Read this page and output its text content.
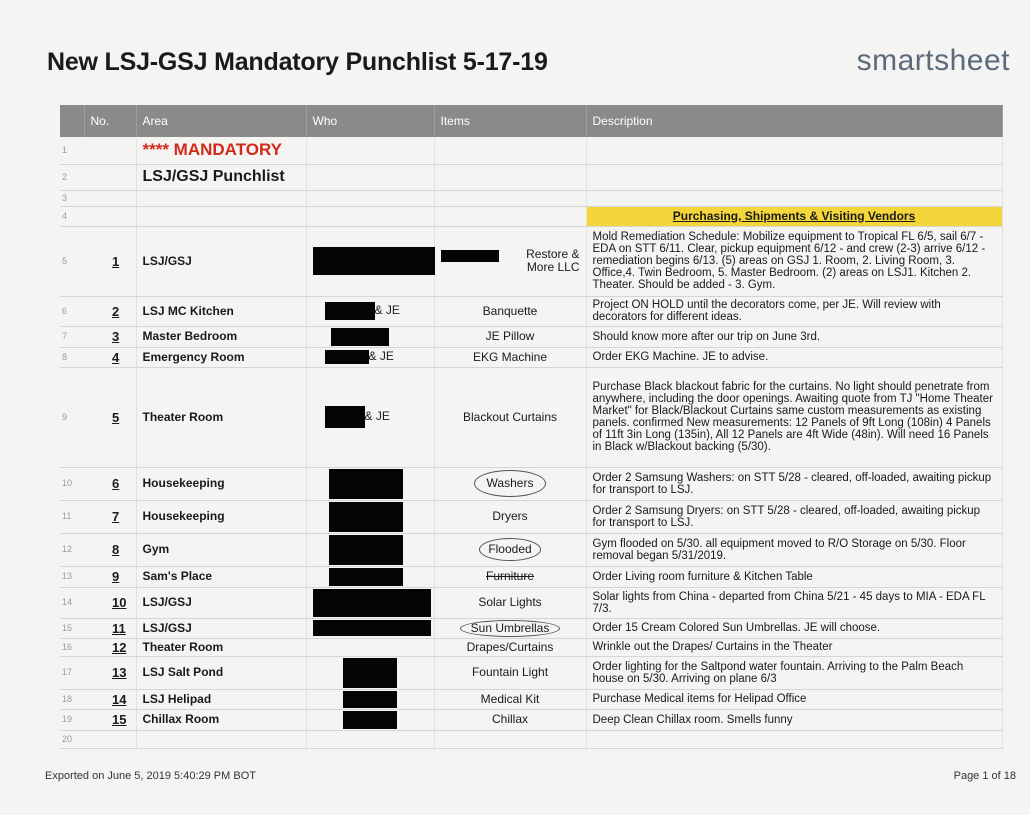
New LSJ-GSJ Mandatory Punchlist 5-17-19	smartsheet
	No.	Area	Who	Items	Description
1		**** MANDATORY			
2		LSJ/GSJ Punchlist			
3					
4					Purchasing, Shipments & Visiting Vendors
5	1	LSJ/GSJ		Restore & More LLC	Mold Remediation Schedule: Mobilize equipment to Tropical FL 6/5, sail 6/7 - EDA on STT 6/11. Clear, pickup equipment 6/12 - and crew (2-3) arrive 6/12 - remediation begins 6/13. (5) areas on GSJ 1. Room, 2. Living Room, 3. Office,4. Twin Bedroom, 5. Master Bedroom. (2) areas on LSJ1. Kitchen 2. Theater. Should be added - 3. Gym.
6	2	LSJ MC Kitchen	& JE	Banquette	Project ON HOLD until the decorators come, per JE. Will review with decorators for different ideas.
7	3	Master Bedroom		JE Pillow	Should know more after our trip on June 3rd.
8	4	Emergency Room	& JE	EKG Machine	Order EKG Machine. JE to advise.
9	5	Theater Room	& JE	Blackout Curtains	Purchase Black blackout fabric for the curtains. No light should penetrate from anywhere, including the door openings. Awaiting quote from TJ "Home Theater Market" for Black/Blackout Curtains same custom measurements as existing panels. confirmed New measurements: 12 Panels of 9ft Long (108in) 4 Panels of 11ft 3in Long (135in), All 12 Panels are 4ft Wide (48in). Will need 16 Panels in Black w/Blackout backing (5/30).
10	6	Housekeeping		Washers	Order 2 Samsung Washers: on STT 5/28 - cleared, off-loaded, awaiting pickup for transport to LSJ.
11	7	Housekeeping		Dryers	Order 2 Samsung Dryers: on STT 5/28 - cleared, off-loaded, awaiting pickup for transport to LSJ.
12	8	Gym		Flooded	Gym flooded on 5/30. all equipment moved to R/O Storage on 5/30. Floor removal began 5/31/2019.
13	9	Sam's Place		Furniture	Order Living room furniture & Kitchen Table
14	10	LSJ/GSJ		Solar Lights	Solar lights from China - departed from China 5/21 - 45 days to MIA - EDA FL 7/3.
15	11	LSJ/GSJ		Sun Umbrellas	Order 15 Cream Colored Sun Umbrellas. JE will choose.
16	12	Theater Room		Drapes/Curtains	Wrinkle out the Drapes/ Curtains in the Theater
17	13	LSJ Salt Pond		Fountain Light	Order lighting for the Saltpond water fountain. Arriving to the Palm Beach house on 5/30. Arriving on plane 6/3
18	14	LSJ Helipad		Medical Kit	Purchase Medical items for Helipad Office
19	15	Chillax Room		Chillax	Deep Clean Chillax room. Smells funny
20					
Exported on June 5, 2019 5:40:29 PM BOT	Page 1 of 18
